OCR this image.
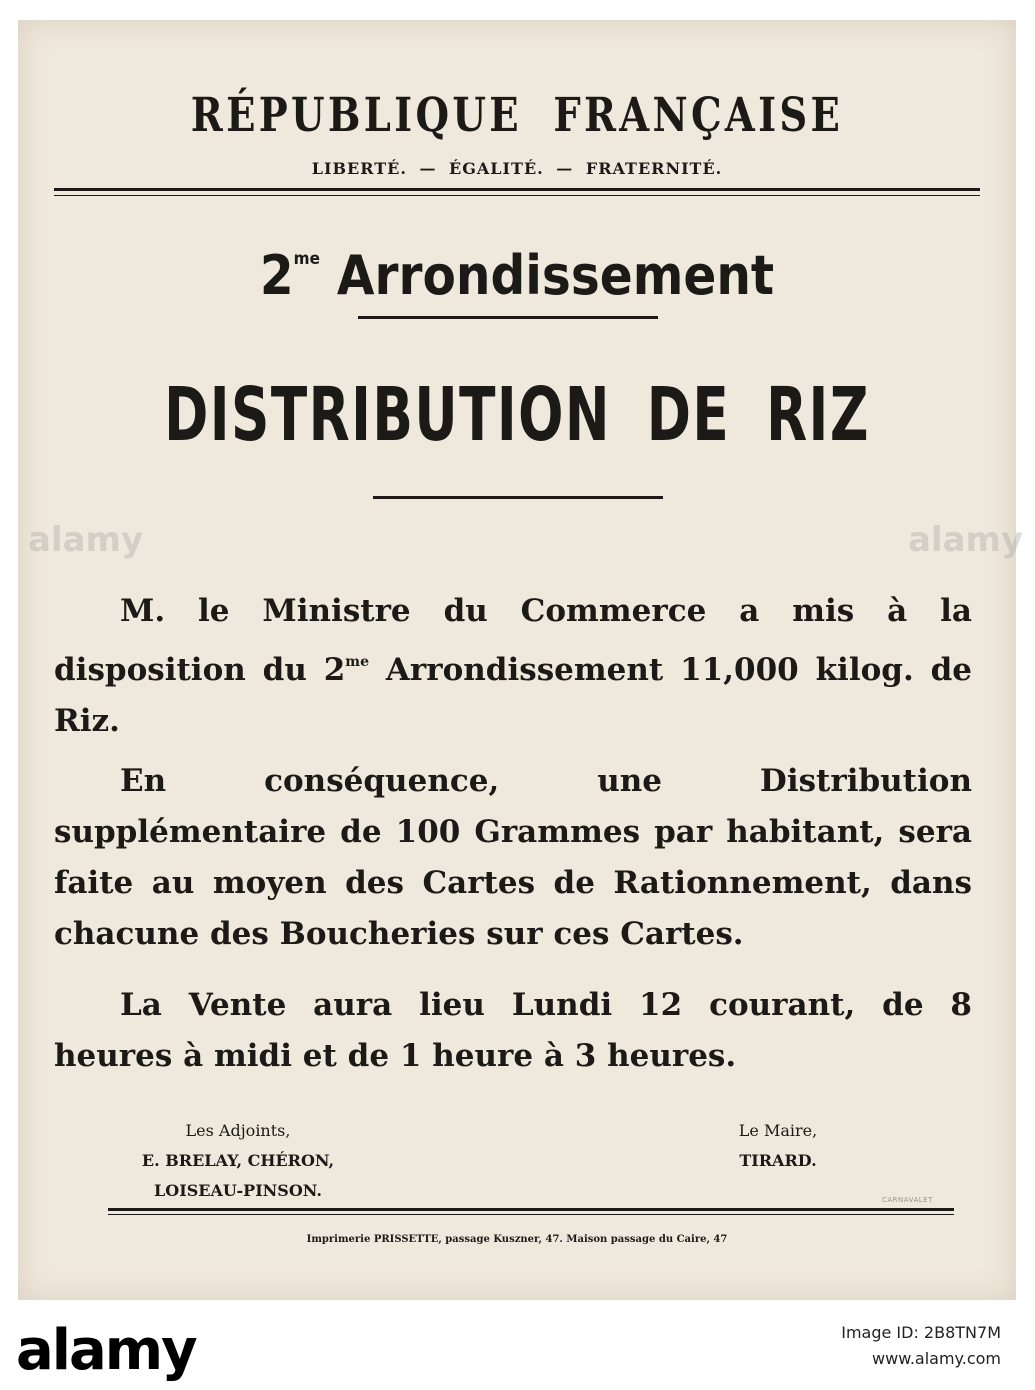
RÉPUBLIQUE FRANÇAISE
LIBERTÉ. — ÉGALITÉ. — FRATERNITÉ.
$2^{me}$ Arrondissement
DISTRIBUTION DE RIZ

M. le Ministre du Commerce a mis à la disposition du $2^{me}$ Arrondissement 11,000 kilog. de Riz.

En conséquence, une Distribution supplémentaire de 100 Grammes par habitant, sera faite au moyen des Cartes de Rationnement, dans chacune des Boucheries sur ces Cartes.

La Vente aura lieu Lundi 12 courant, de 8 heures à midi et de 1 heure à 3 heures.

Les Adjoints,
E. BRELAY, CHÉRON,
LOISEAU-PINSON.
Le Maire,
TIRARD.
CARNAVALET
Imprimerie PRISSETTE, passage Kuszner, 47. Maison passage du Caire, 47
alamy	alamy
alamy	Image ID: 2B8TN7M
www.alamy.com
